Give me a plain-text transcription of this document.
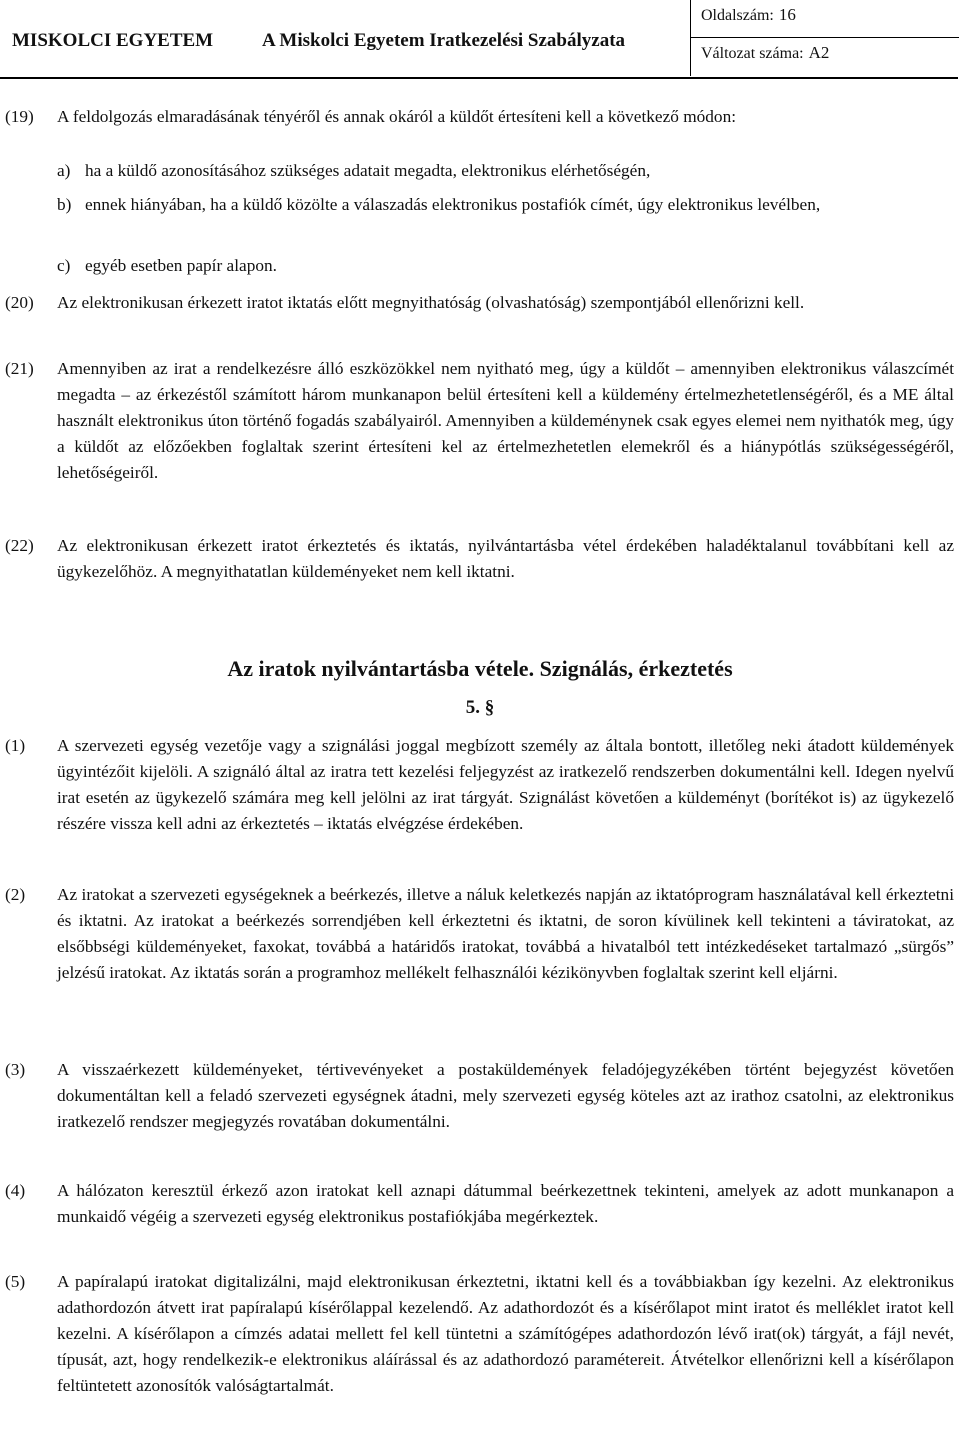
MISKOLCI EGYETEM	A Miskolci Egyetem Iratkezelési Szabályzata
Oldalszám: 16
Változat száma: A2
(19) A feldolgozás elmaradásának tényéről és annak okáról a küldőt értesíteni kell a következő módon:
a) ha a küldő azonosításához szükséges adatait megadta, elektronikus elérhetőségén,
b) ennek hiányában, ha a küldő közölte a válaszadás elektronikus postafiók címét, úgy elektronikus levélben,
c) egyéb esetben papír alapon.
(20) Az elektronikusan érkezett iratot iktatás előtt megnyithatóság (olvashatóság) szempontjából ellenőrizni kell.
(21) Amennyiben az irat a rendelkezésre álló eszközökkel nem nyitható meg, úgy a küldőt – amennyiben elektronikus válaszcímét megadta – az érkezéstől számított három munkanapon belül értesíteni kell a küldemény értelmezhetetlenségéről, és a ME által használt elektronikus úton történő fogadás szabályairól. Amennyiben a küldeménynek csak egyes elemei nem nyithatók meg, úgy a küldőt az előzőekben foglaltak szerint értesíteni kel az értelmezhetetlen elemekről és a hiánypótlás szükségességéről, lehetőségeiről.
(22) Az elektronikusan érkezett iratot érkeztetés és iktatás, nyilvántartásba vétel érdekében haladéktalanul továbbítani kell az ügykezelőhöz. A megnyithatatlan küldeményeket nem kell iktatni.
Az iratok nyilvántartásba vétele. Szignálás, érkeztetés
5. §
(1) A szervezeti egység vezetője vagy a szignálási joggal megbízott személy az általa bontott, illetőleg neki átadott küldemények ügyintézőit kijelöli. A szignáló által az iratra tett kezelési feljegyzést az iratkezelő rendszerben dokumentálni kell. Idegen nyelvű irat esetén az ügykezelő számára meg kell jelölni az irat tárgyát. Szignálást követően a küldeményt (borítékot is) az ügykezelő részére vissza kell adni az érkeztetés – iktatás elvégzése érdekében.
(2) Az iratokat a szervezeti egységeknek a beérkezés, illetve a náluk keletkezés napján az iktatóprogram használatával kell érkeztetni és iktatni. Az iratokat a beérkezés sorrendjében kell érkeztetni és iktatni, de soron kívülinek kell tekinteni a táviratokat, az elsőbbségi küldeményeket, faxokat, továbbá a határidős iratokat, továbbá a hivatalból tett intézkedéseket tartalmazó „sürgős” jelzésű iratokat. Az iktatás során a programhoz mellékelt felhasználói kézikönyvben foglaltak szerint kell eljárni.
(3) A visszaérkezett küldeményeket, tértivevényeket a postaküldemények feladójegyzékében történt bejegyzést követően dokumentáltan kell a feladó szervezeti egységnek átadni, mely szervezeti egység köteles azt az irathoz csatolni, az elektronikus iratkezelő rendszer megjegyzés rovatában dokumentálni.
(4) A hálózaton keresztül érkező azon iratokat kell aznapi dátummal beérkezettnek tekinteni, amelyek az adott munkanapon a munkaidő végéig a szervezeti egység elektronikus postafiókjába megérkeztek.
(5) A papíralapú iratokat digitalizálni, majd elektronikusan érkeztetni, iktatni kell és a továbbiakban így kezelni. Az elektronikus adathordozón átvett irat papíralapú kísérőlappal kezelendő. Az adathordozót és a kísérőlapot mint iratot és melléklet iratot kell kezelni. A kísérőlapon a címzés adatai mellett fel kell tüntetni a számítógépes adathordozón lévő irat(ok) tárgyát, a fájl nevét, típusát, azt, hogy rendelkezik-e elektronikus aláírással és az adathordozó paramétereit. Átvételkor ellenőrizni kell a kísérőlapon feltüntetett azonosítók valóságtartalmát.
